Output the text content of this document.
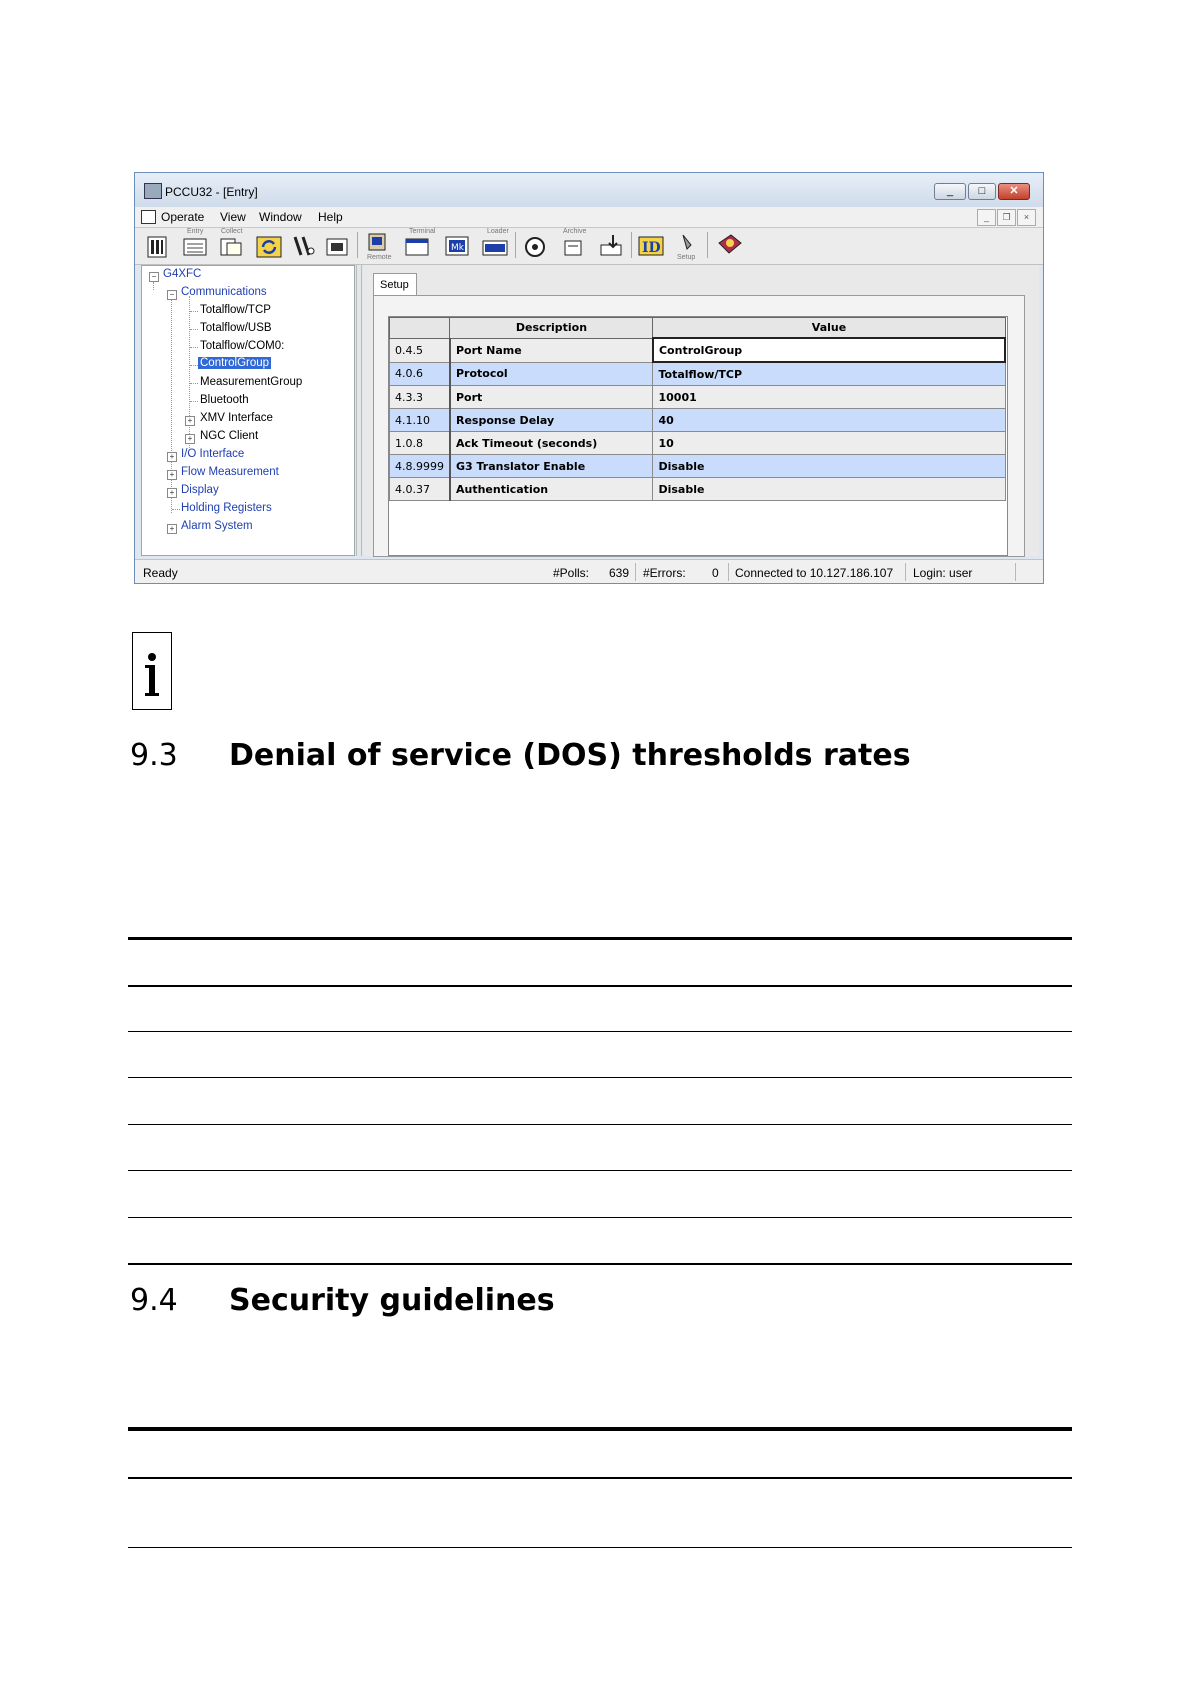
PCCU32 - [Entry]	_	□	✕
Operate View Window Help	_	❐	×
Entry	Collect
Remote
Terminal
Mk
Loader	Archive
ID
Setup
− G4XFC
− Communications
Totalflow/TCP
Totalflow/USB
Totalflow/COM0:
ControlGroup
MeasurementGroup
Bluetooth
+ XMV Interface
+ NGC Client
+ I/O Interface
+ Flow Measurement
+ Display
Holding Registers
+ Alarm System
Setup
	Description	Value
0.4.5	Port Name	ControlGroup
4.0.6	Protocol	Totalflow/TCP
4.3.3	Port	10001
4.1.10	Response Delay	40
1.0.8	Ack Timeout (seconds)	10
4.8.9999	G3 Translator Enable	Disable
4.0.37	Authentication	Disable
Ready	#Polls: 639 #Errors: 0 Connected to 10.127.186.107 Login: user
9.3 Denial of service (DOS) thresholds rates
9.4 Security guidelines
